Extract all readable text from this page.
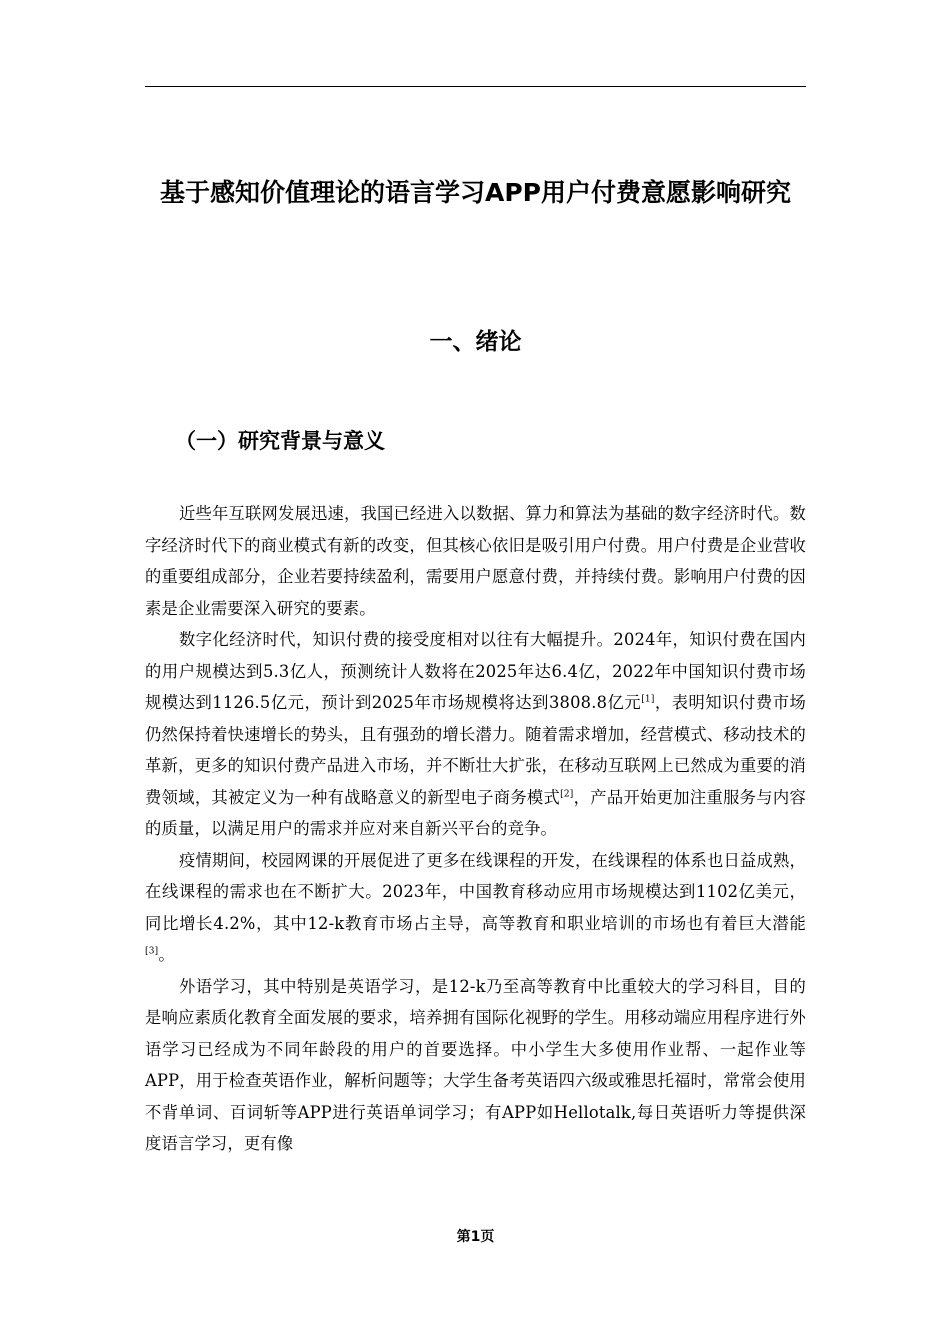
基于感知价值理论的语言学习APP用户付费意愿影响研究
一、绪论
（一）研究背景与意义

近些年互联网发展迅速，我国已经进入以数据、算力和算法为基础的数字经济时代。数字经济时代下的商业模式有新的改变，但其核心依旧是吸引用户付费。用户付费是企业营收的重要组成部分，企业若要持续盈利，需要用户愿意付费，并持续付费。影响用户付费的因素是企业需要深入研究的要素。

数字化经济时代，知识付费的接受度相对以往有大幅提升。2024年，知识付费在国内的用户规模达到5.3亿人，预测统计人数将在2025年达6.4亿，2022年中国知识付费市场规模达到1126.5亿元，预计到2025年市场规模将达到3808.8亿元[1]，表明知识付费市场仍然保持着快速增长的势头，且有强劲的增长潜力。随着需求增加，经营模式、移动技术的革新，更多的知识付费产品进入市场，并不断壮大扩张，在移动互联网上已然成为重要的消费领域，其被定义为一种有战略意义的新型电子商务模式[2]，产品开始更加注重服务与内容的质量，以满足用户的需求并应对来自新兴平台的竞争。

疫情期间，校园网课的开展促进了更多在线课程的开发，在线课程的体系也日益成熟，在线课程的需求也在不断扩大。2023年，中国教育移动应用市场规模达到1102亿美元，同比增长4.2%，其中12-k教育市场占主导，高等教育和职业培训的市场也有着巨大潜能[3]。

外语学习，其中特别是英语学习，是12-k乃至高等教育中比重较大的学习科目，目的是响应素质化教育全面发展的要求，培养拥有国际化视野的学生。用移动端应用程序进行外语学习已经成为不同年龄段的用户的首要选择。中小学生大多使用作业帮、一起作业等APP，用于检查英语作业，解析问题等；大学生备考英语四六级或雅思托福时，常常会使用不背单词、百词斩等APP进行英语单词学习；有APP如Hellotalk,每日英语听力等提供深度语言学习，更有像

第1页
